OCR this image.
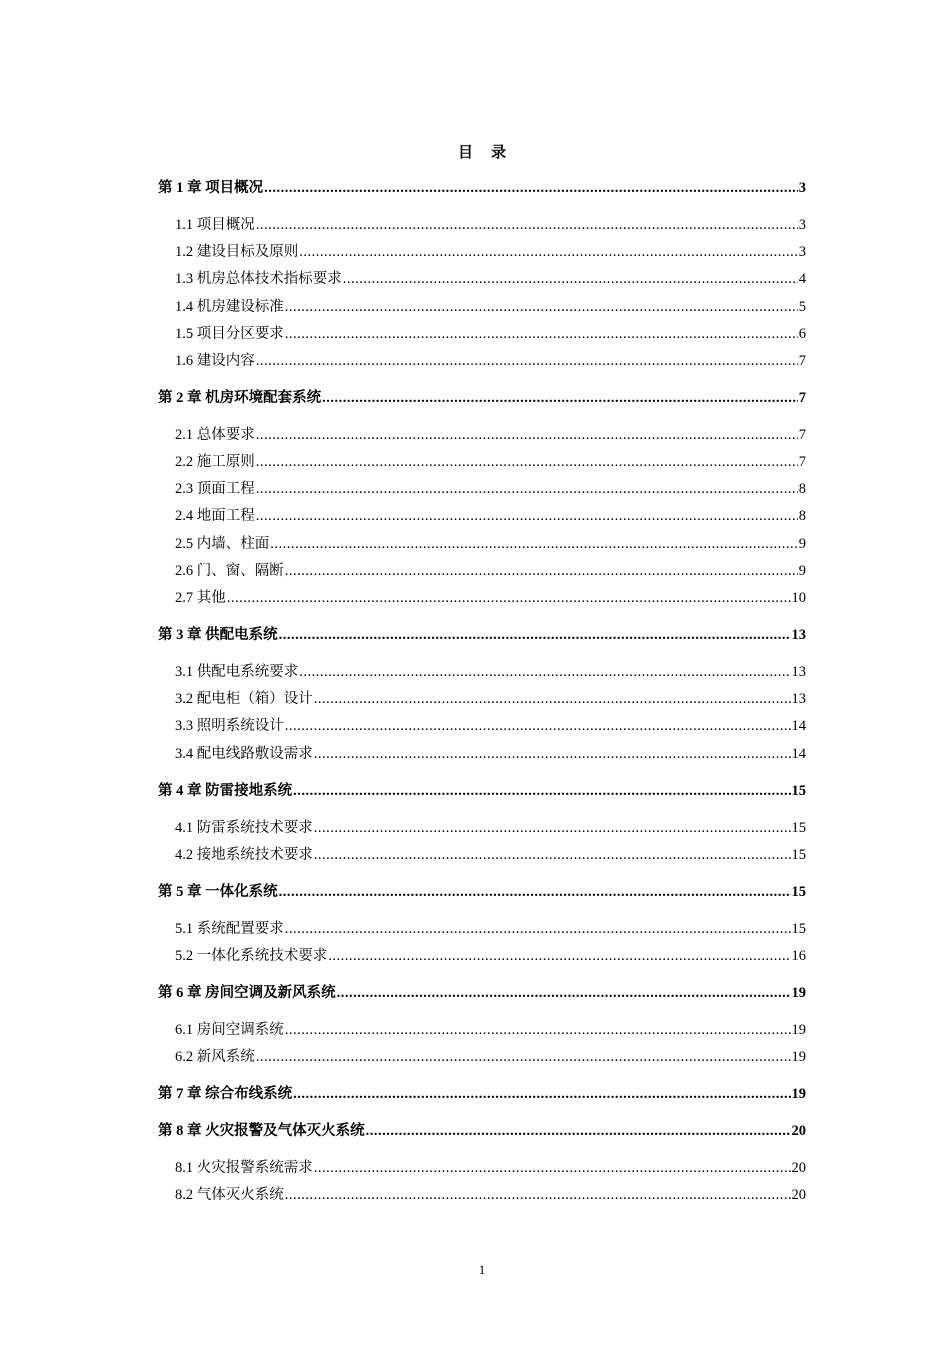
目 录
第 1 章 项目概况 .....	3
1.1 项目概况 .....	3
1.2 建设目标及原则 .....	3
1.3 机房总体技术指标要求 .....	4
1.4 机房建设标准 .....	5
1.5 项目分区要求 .....	6
1.6 建设内容 .....	7
第 2 章 机房环境配套系统 .....	7
2.1 总体要求 .....	7
2.2 施工原则 .....	7
2.3 顶面工程 .....	8
2.4 地面工程 .....	8
2.5 内墙、柱面 .....	9
2.6 门、窗、隔断 .....	9
2.7 其他 .....	10
第 3 章 供配电系统 .....	13
3.1 供配电系统要求 .....	13
3.2 配电柜（箱）设计 .....	13
3.3 照明系统设计 .....	14
3.4 配电线路敷设需求 .....	14
第 4 章 防雷接地系统 .....	15
4.1 防雷系统技术要求 .....	15
4.2 接地系统技术要求 .....	15
第 5 章 一体化系统 .....	15
5.1 系统配置要求 .....	15
5.2 一体化系统技术要求 .....	16
第 6 章 房间空调及新风系统 .....	19
6.1 房间空调系统 .....	19
6.2 新风系统 .....	19
第 7 章 综合布线系统 .....	19
第 8 章 火灾报警及气体灭火系统 .....	20
8.1 火灾报警系统需求 .....	20
8.2 气体灭火系统 .....	20
1
